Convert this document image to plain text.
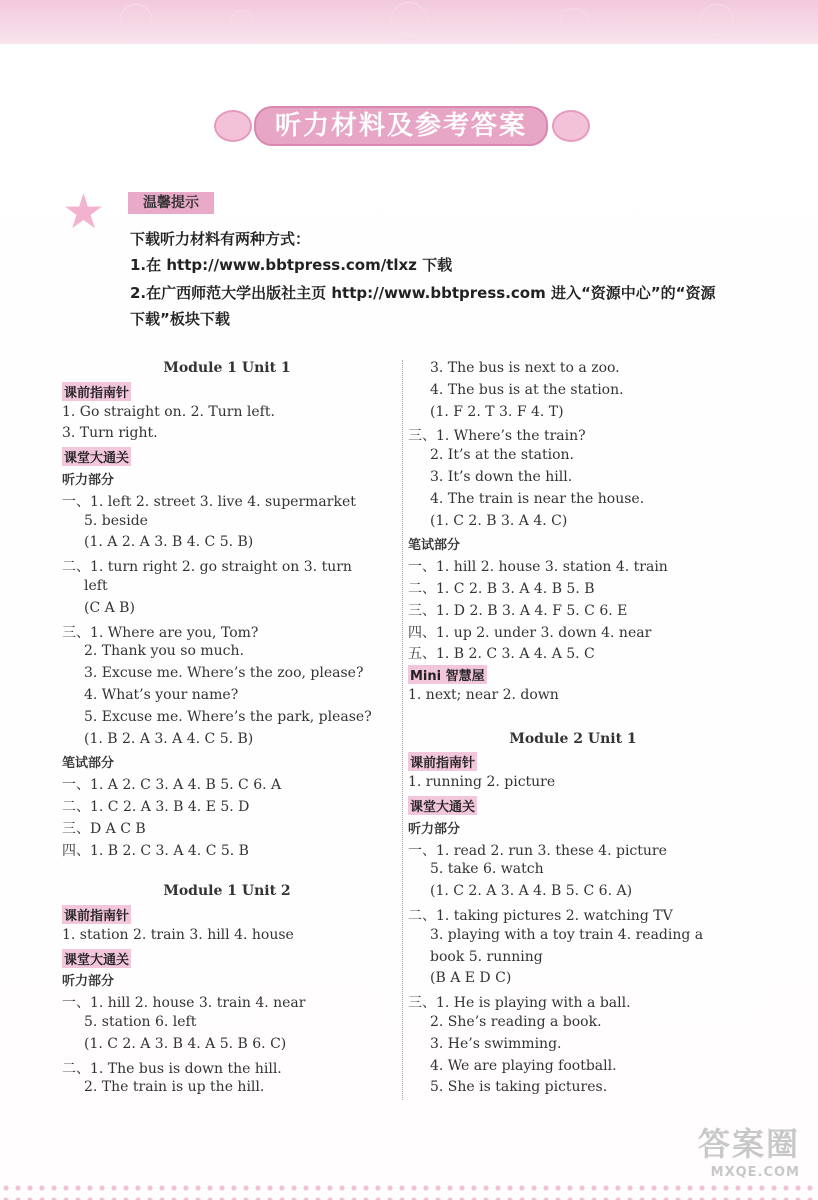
听力材料及参考答案
★	温馨提示
下载听力材料有两种方式：
1.在 http://www.bbtpress.com/tlxz 下载
2.在广西师范大学出版社主页 http://www.bbtpress.com 进入“资源中心”的“资源
下载”板块下载
Module 1 Unit 1
课前指南针
1. Go straight on. 2. Turn left.
3. Turn right.
课堂大通关
听力部分
一、1. left 2. street 3. live 4. supermarket
5. beside
(1. A 2. A 3. B 4. C 5. B)
二、1. turn right 2. go straight on 3. turn
left
(C A B)
三、1. Where are you, Tom?
2. Thank you so much.
3. Excuse me. Where’s the zoo, please?
4. What’s your name?
5. Excuse me. Where’s the park, please?
(1. B 2. A 3. A 4. C 5. B)
笔试部分
一、1. A 2. C 3. A 4. B 5. C 6. A
二、1. C 2. A 3. B 4. E 5. D
三、D A C B
四、1. B 2. C 3. A 4. C 5. B
Module 1 Unit 2
课前指南针
1. station 2. train 3. hill 4. house
课堂大通关
听力部分
一、1. hill 2. house 3. train 4. near
5. station 6. left
(1. C 2. A 3. B 4. A 5. B 6. C)
二、1. The bus is down the hill.
2. The train is up the hill.
3. The bus is next to a zoo.
4. The bus is at the station.
(1. F 2. T 3. F 4. T)
三、1. Where’s the train?
2. It’s at the station.
3. It’s down the hill.
4. The train is near the house.
(1. C 2. B 3. A 4. C)
笔试部分
一、1. hill 2. house 3. station 4. train
二、1. C 2. B 3. A 4. B 5. B
三、1. D 2. B 3. A 4. F 5. C 6. E
四、1. up 2. under 3. down 4. near
五、1. B 2. C 3. A 4. A 5. C
Mini 智慧屋
1. next; near 2. down
Module 2 Unit 1
课前指南针
1. running 2. picture
课堂大通关
听力部分
一、1. read 2. run 3. these 4. picture
5. take 6. watch
(1. C 2. A 3. A 4. B 5. C 6. A)
二、1. taking pictures 2. watching TV
3. playing with a toy train 4. reading a
book 5. running
(B A E D C)
三、1. He is playing with a ball.
2. She’s reading a book.
3. He’s swimming.
4. We are playing football.
5. She is taking pictures.
答案圈
MXQE.COM
